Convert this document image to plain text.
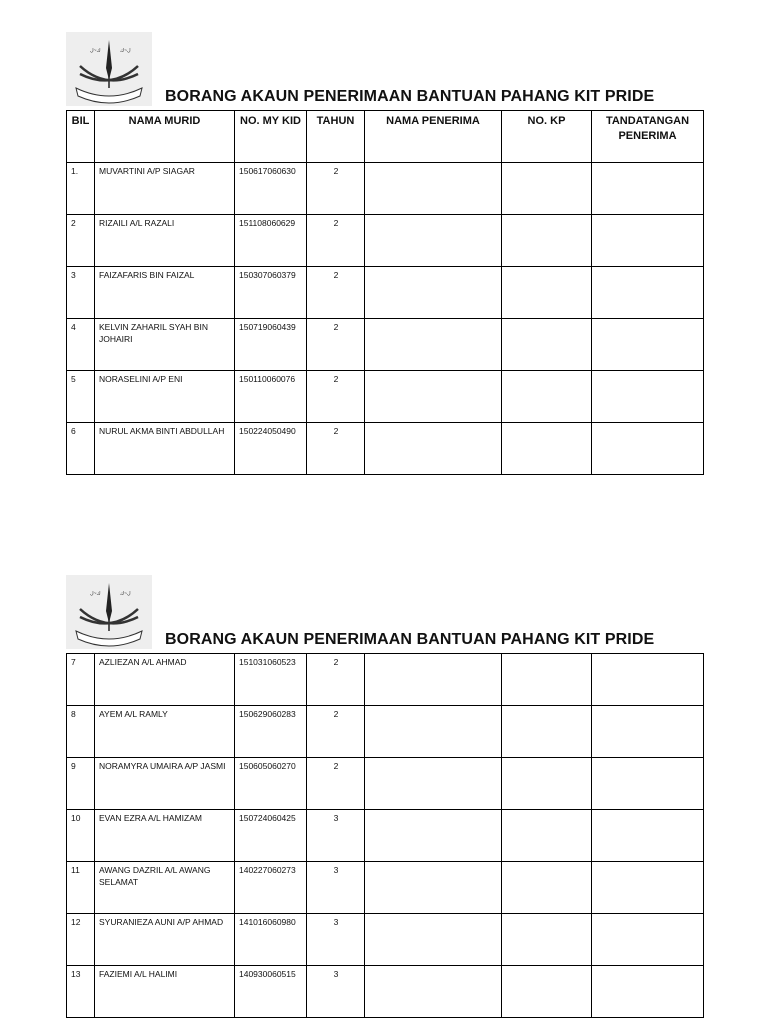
ك~ل	ل~ك
BORANG AKAUN PENERIMAAN BANTUAN PAHANG KIT PRIDE
BIL	NAMA MURID	NO. MY KID	TAHUN	NAMA PENERIMA	NO. KP	TANDATANGAN PENERIMA
1.	MUVARTINI A/P SIAGAR	150617060630	2			
2	RIZAILI A/L RAZALI	151108060629	2			
3	FAIZAFARIS BIN FAIZAL	150307060379	2			
4	KELVIN ZAHARIL SYAH BIN JOHAIRI	150719060439	2			
5	NORASELINI A/P ENI	150110060076	2			
6	NURUL AKMA BINTI ABDULLAH	150224050490	2			
ك~ل	ل~ك
BORANG AKAUN PENERIMAAN BANTUAN PAHANG KIT PRIDE
7	AZLIEZAN A/L AHMAD	151031060523	2			
8	AYEM A/L RAMLY	150629060283	2			
9	NORAMYRA UMAIRA A/P JASMI	150605060270	2			
10	EVAN EZRA A/L HAMIZAM	150724060425	3			
11	AWANG DAZRIL A/L AWANG SELAMAT	140227060273	3			
12	SYURANIEZA AUNI A/P AHMAD	141016060980	3			
13	FAZIEMI A/L HALIMI	140930060515	3			
